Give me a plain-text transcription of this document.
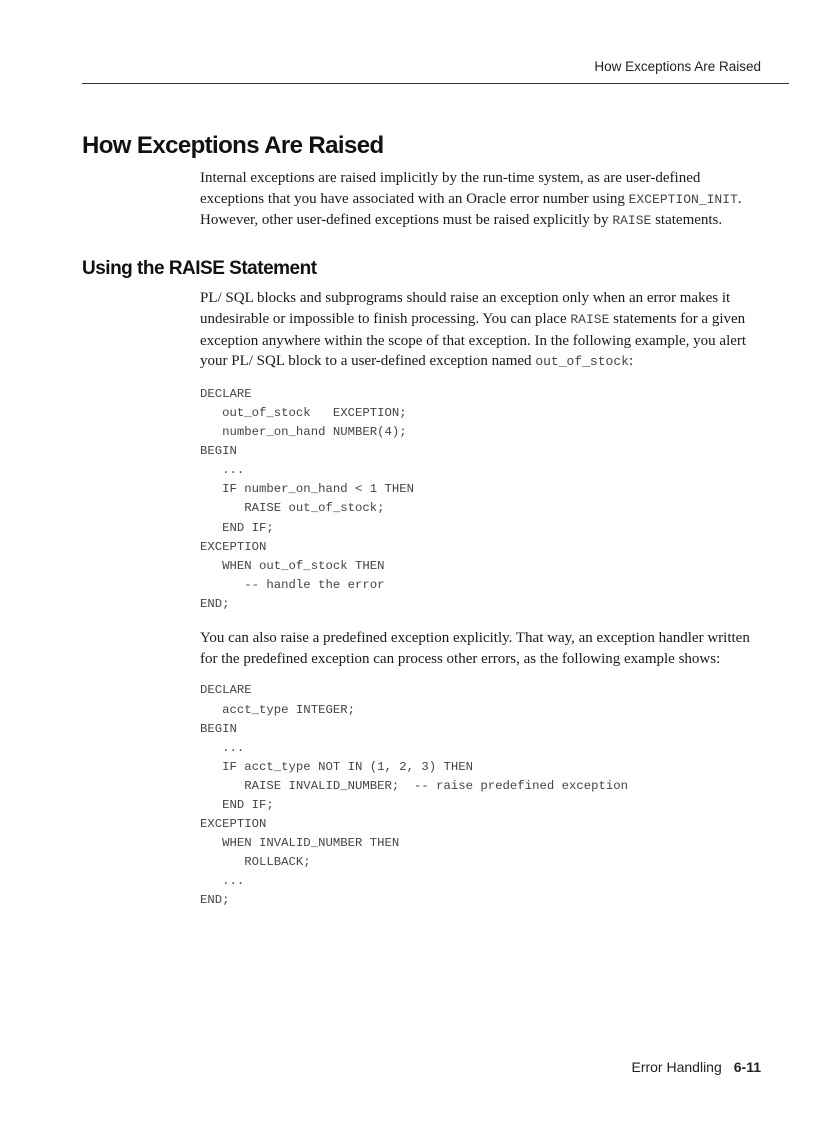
How Exceptions Are Raised
How Exceptions Are Raised

Internal exceptions are raised implicitly by the run-time system, as are user-defined exceptions that you have associated with an Oracle error number using EXCEPTION_INIT. However, other user-defined exceptions must be raised explicitly by RAISE statements.

Using the RAISE Statement

PL/ SQL blocks and subprograms should raise an exception only when an error makes it undesirable or impossible to finish processing. You can place RAISE statements for a given exception anywhere within the scope of that exception. In the following example, you alert your PL/ SQL block to a user-defined exception named out_of_stock:

DECLARE
out_of_stock   EXCEPTION;
number_on_hand NUMBER(4);
BEGIN
...
IF number_on_hand < 1 THEN
RAISE out_of_stock;
END IF;
EXCEPTION
WHEN out_of_stock THEN
-- handle the error
END;

You can also raise a predefined exception explicitly. That way, an exception handler written for the predefined exception can process other errors, as the following example shows:

DECLARE
acct_type INTEGER;
BEGIN
...
IF acct_type NOT IN (1, 2, 3) THEN
RAISE INVALID_NUMBER;  -- raise predefined exception
END IF;
EXCEPTION
WHEN INVALID_NUMBER THEN
ROLLBACK;
...
END;
Error Handling 6-11
